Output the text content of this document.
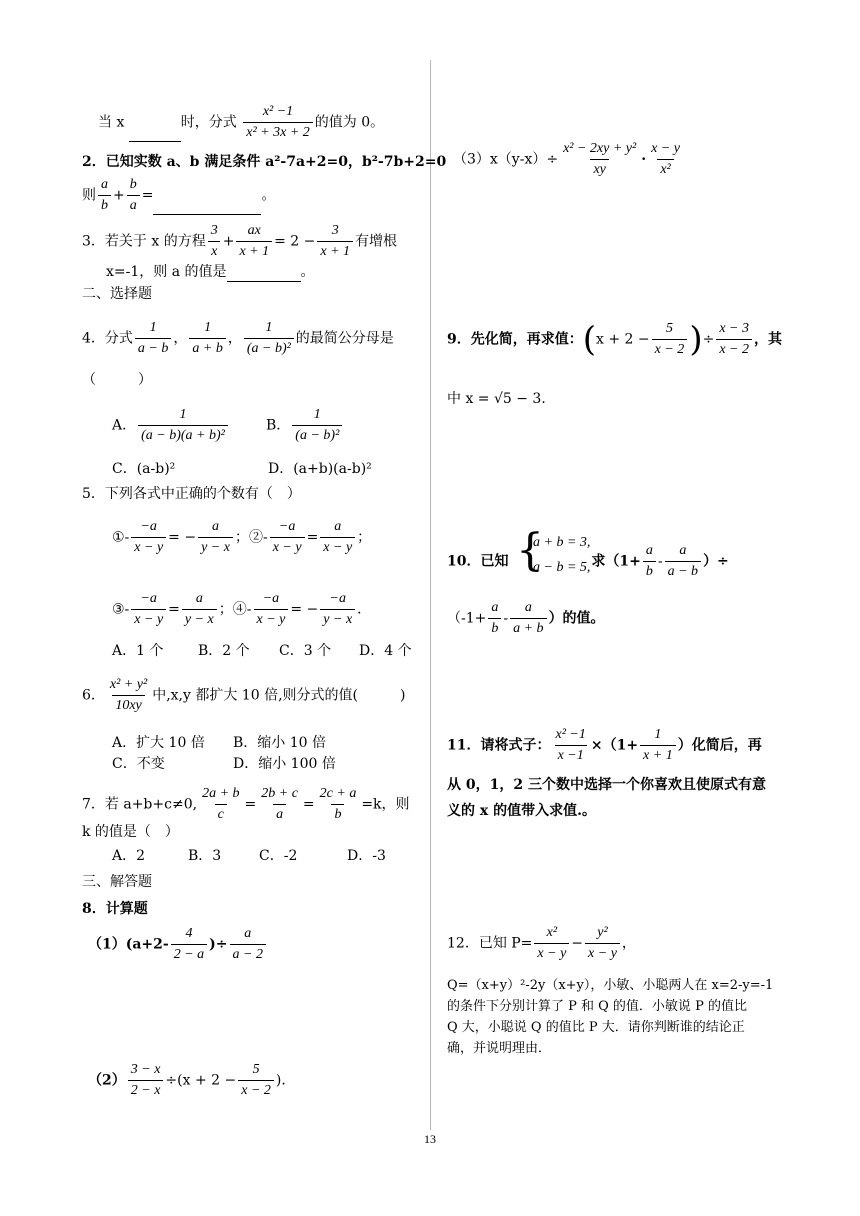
当 x	时，分式 $\frac{\text{x² −1}}{\text{x² + 3x + 2}}$ 的值为 0。
2．已知实数 a、b 满足条件 a²-7a+2=0，b²-7b+2=0
则 $\frac{a}{b} + \frac{b}{a}$ =	。
3．若关于 x 的方程 $\frac{3}{x} + \frac{ax}{x + 1} = 2 - \frac{3}{x + 1}$ 有增根
x=-1，则 a 的值是	。
二、选择题
4．分式 $\frac{1}{a - b}$ ， $\frac{1}{a + b}$ ， $\frac{1}{\text{(a − b)²}}$ 的最简公分母是
（　　　）
A． $\frac{1}{\text{(a − b)(a + b)²}}$	B． $\frac{1}{\text{(a − b)²}}$
C．(a-b)²	D．(a+b)(a-b)²
5．下列各式中正确的个数有（　）
①- $\frac{-a}{x - y}$ = − $\frac{a}{y - x}$ ；②- $\frac{-a}{x - y} = \frac{a}{x - y}$ ；
③- $\frac{-a}{x - y} = \frac{a}{y - x}$ ；④- $\frac{-a}{x - y}$ = − $\frac{-a}{y - x}$ ．
A．1 个 B．2 个 C．3 个 D．4 个
6． $\frac{\text{x² + y²}}{10xy}$ 中,x,y 都扩大 10 倍,则分式的值(　　　)
A．扩大 10 倍 B．缩小 10 倍
C．不变	D．缩小 100 倍
7．若 a+b+c≠0, $\frac{2a + b}{c} = \frac{2b + c}{a} = \frac{2c + a}{b} =k$，则
k 的值是（　）
A．2	B．3	C．-2	D．-3
三、解答题
8．计算题
$(1)(a+2- \frac{4}{2 - a}$ )÷ $\frac{a}{a - 2}$
$(2) \frac{3 - x}{2 - x} \div(x + 2 - \frac{5}{x - 2}$ )．
$(3)x(y-x)\div \frac{\text{x² − 2xy + y²}}{xy} \cdot \frac{x - y}{\text{x²}}$
9．先化简，再求值：($x + 2 - \frac{5}{x - 2}$ )÷ $\frac{x - 3}{x - 2}$ ，其
中 x = √5 − 3．
10．已知	求（$1+ \frac{a}{b} - \frac{a}{a - b}$ ）÷
{
a + b = 3,
a − b = 5,
（$-1+ \frac{a}{b} - \frac{a}{a + b}$ ）的值。
11．请将式子： $\frac{\text{x² −1}}{x -1} \times(1+ \frac{1}{x + 1}$ ）化简后，再
从 0，1，2 三个数中选择一个你喜欢且使原式有意
义的 x 的值带入求值.。
12．已知 $P= \frac{\text{x²}}{x - y} - \frac{\text{y²}}{x - y}$ ，
Q=（x+y）²-2y（x+y），小敏、小聪两人在 x=2-y=-1
的条件下分别计算了 P 和 Q 的值．小敏说 P 的值比
Q 大，小聪说 Q 的值比 P 大．请你判断谁的结论正
确，并说明理由．
13
